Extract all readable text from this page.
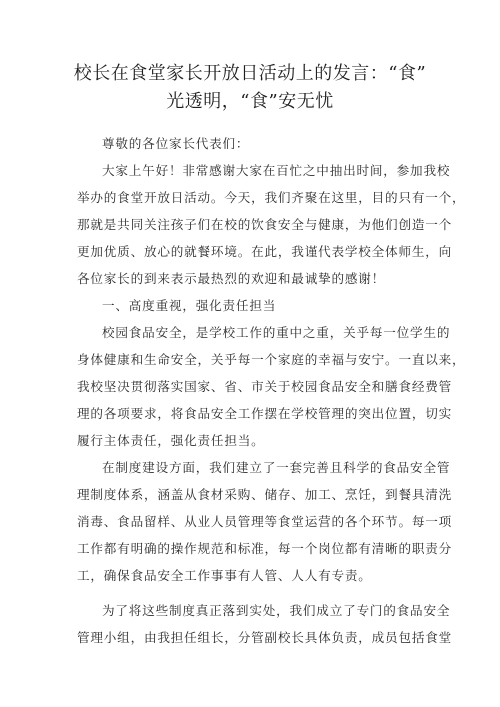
校长在食堂家长开放日活动上的发言：“食”
光透明，“食”安无忧
尊敬的各位家长代表们：
大家上午好！非常感谢大家在百忙之中抽出时间，参加我校
举办的食堂开放日活动。今天，我们齐聚在这里，目的只有一个，
那就是共同关注孩子们在校的饮食安全与健康，为他们创造一个
更加优质、放心的就餐环境。在此，我谨代表学校全体师生，向
各位家长的到来表示最热烈的欢迎和最诚挚的感谢！
一、高度重视，强化责任担当
校园食品安全，是学校工作的重中之重，关乎每一位学生的
身体健康和生命安全，关乎每一个家庭的幸福与安宁。一直以来，
我校坚决贯彻落实国家、省、市关于校园食品安全和膳食经费管
理的各项要求，将食品安全工作摆在学校管理的突出位置，切实
履行主体责任，强化责任担当。
在制度建设方面，我们建立了一套完善且科学的食品安全管
理制度体系，涵盖从食材采购、储存、加工、烹饪，到餐具清洗
消毒、食品留样、从业人员管理等食堂运营的各个环节。每一项
工作都有明确的操作规范和标准，每一个岗位都有清晰的职责分
工，确保食品安全工作事事有人管、人人有专责。
为了将这些制度真正落到实处，我们成立了专门的食品安全
管理小组，由我担任组长，分管副校长具体负责，成员包括食堂
